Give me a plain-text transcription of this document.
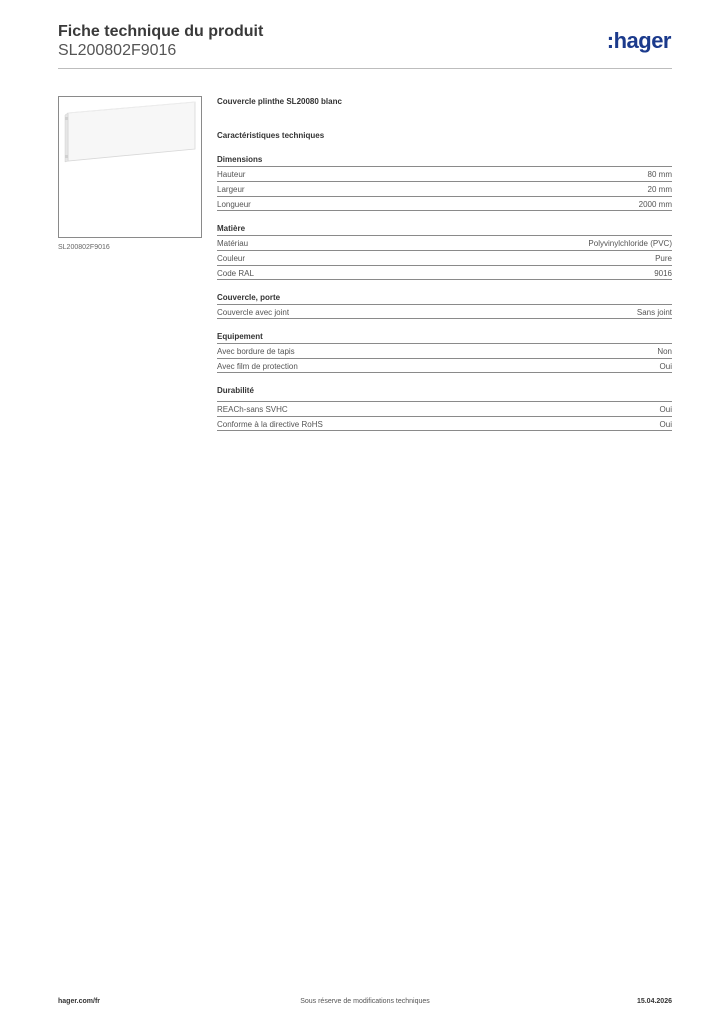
Fiche technique du produit
SL200802F9016	:hager
SL200802F9016
Couvercle plinthe SL20080 blanc
Caractéristiques techniques
Dimensions
Hauteur	80 mm
Largeur	20 mm
Longueur	2000 mm
Matière
Matériau	Polyvinylchloride (PVC)
Couleur	Pure
Code RAL	9016
Couvercle, porte
Couvercle avec joint	Sans joint
Equipement
Avec bordure de tapis	Non
Avec film de protection	Oui
Durabilité
REACh-sans SVHC	Oui
Conforme à la directive RoHS	Oui
hager.com/fr	Sous réserve de modifications techniques	15.04.2026
